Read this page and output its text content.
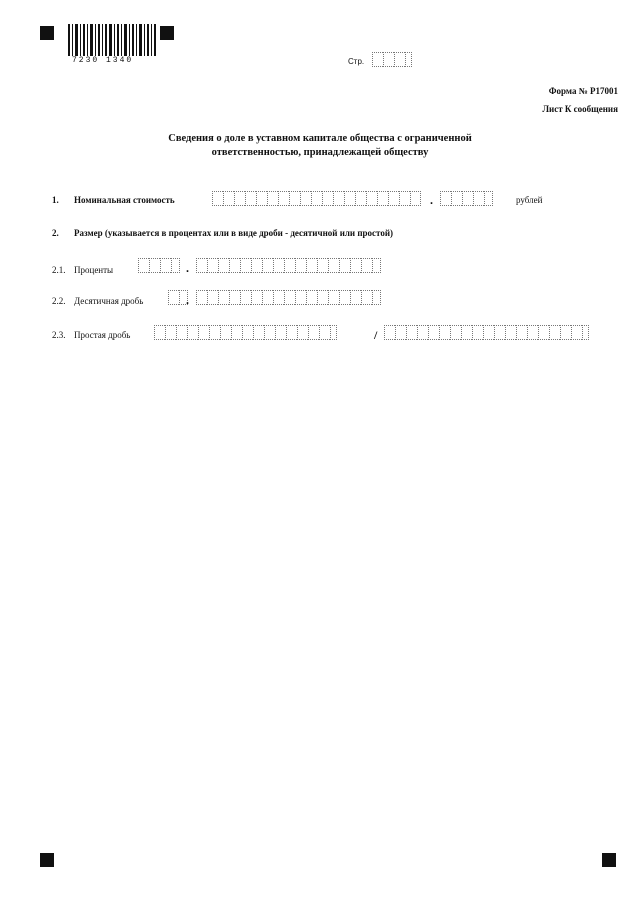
7230 1340	Стр.
Форма № Р17001
Лист К сообщения
Сведения о доле в уставном капитале общества с ограниченной
ответственностью, принадлежащей обществу
1. Номинальная стоимость	.	рублей
2. Размер (указывается в процентах или в виде дроби - десятичной или простой)
2.1. Проценты	.
2.2. Десятичная дробь	.
2.3. Простая дробь	/
